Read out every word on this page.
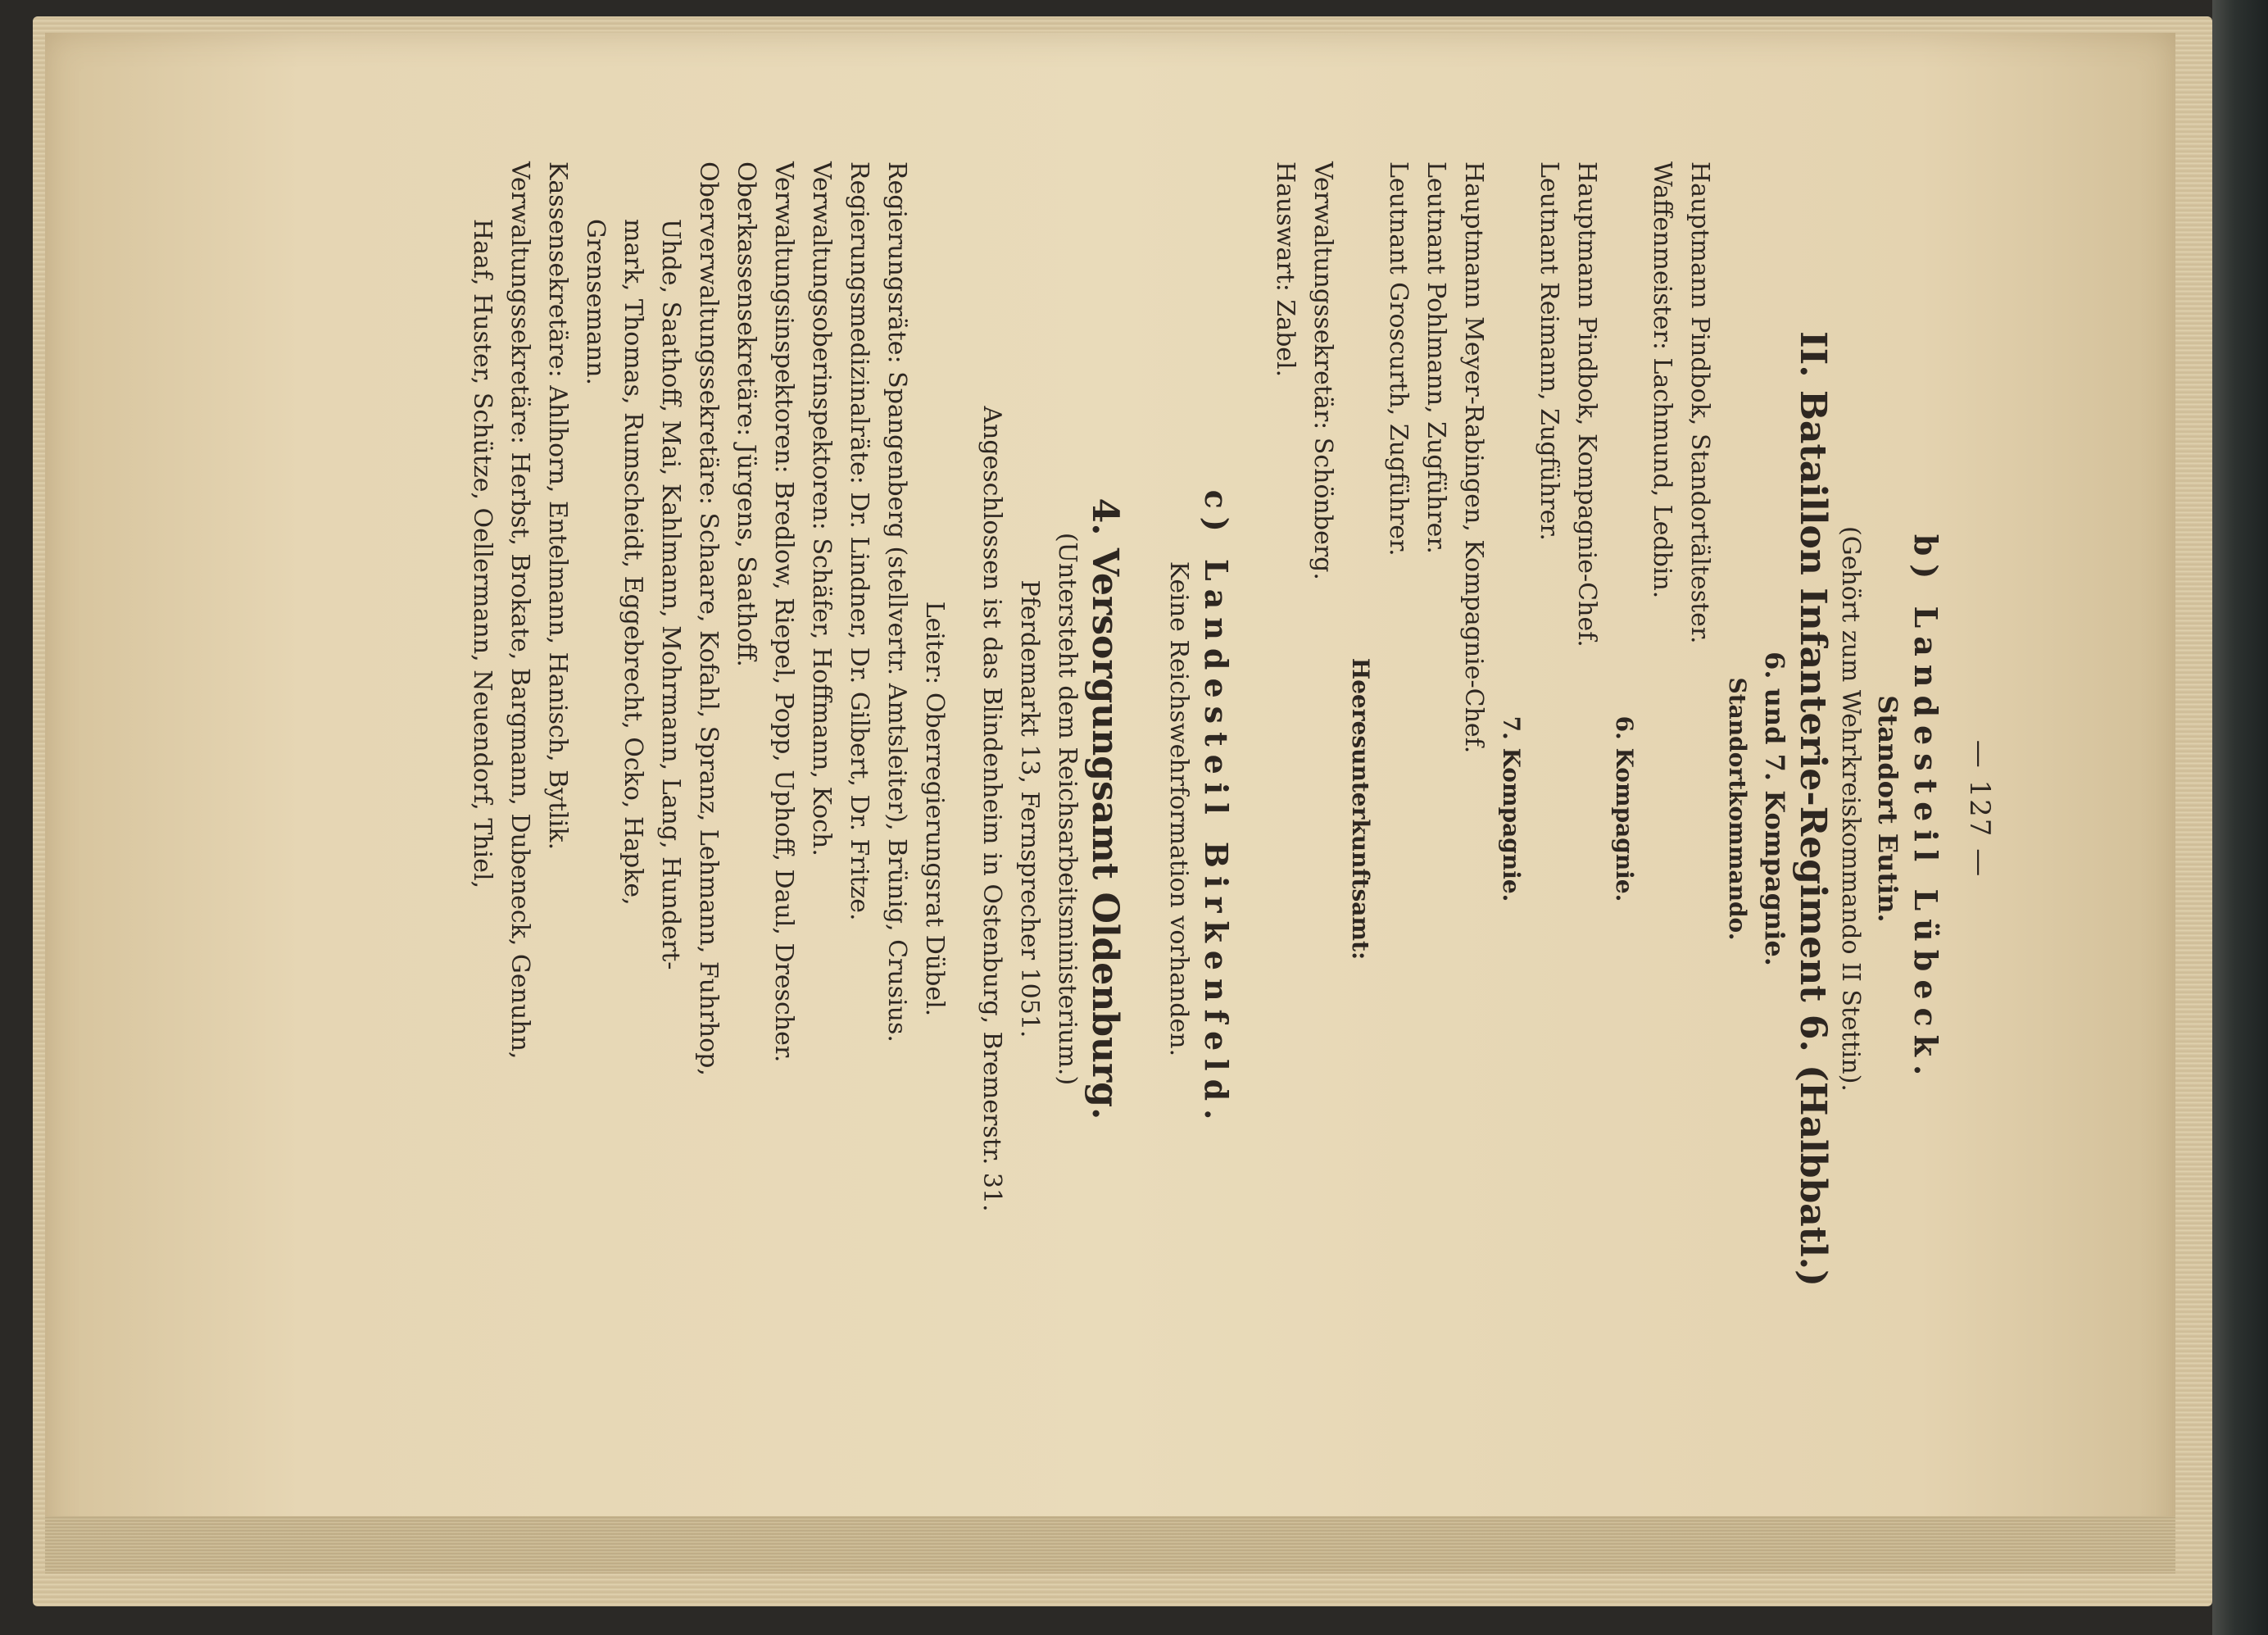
— 127 —
b) Landesteil Lübeck.
Standort Eutin.
(Gehört zum Wehrkreiskommando II Stettin).
II. Bataillon Infanterie-Regiment 6. (Halbbatl.)
6. und 7. Kompagnie.
Standortkommando.
Hauptmann Pindbok, Standortältester.
Waffenmeister: Lachmund, Ledbin.
6. Kompagnie.
Hauptmann Pindbok, Kompagnie-Chef.
Leutnant Reimann, Zugführer.
7. Kompagnie.
Hauptmann Meyer-Rabingen, Kompagnie-Chef.
Leutnant Pohlmann, Zugführer.
Leutnant Groscurth, Zugführer.
Heeresunterkunftsamt:
Verwaltungssekretär: Schönberg.
Hauswart: Zabel.
c) Landesteil Birkenfeld.
Keine Reichswehrformation vorhanden.
4. Versorgungsamt Oldenburg.
(Untersteht dem Reichsarbeitsministerium.)
Pferdemarkt 13, Fernsprecher 1051.
Angeschlossen ist das Blindenheim in Ostenburg, Bremerstr. 31.
Leiter: Oberregierungsrat Dübel.
Regierungsräte: Spangenberg (stellvertr. Amtsleiter), Brünig, Crusius.
Regierungsmedizinalräte: Dr. Lindner, Dr. Gilbert, Dr. Fritze.
Verwaltungsoberinspektoren: Schäfer, Hoffmann, Koch.
Verwaltungsinspektoren: Bredlow, Riepel, Popp, Uphoff, Daul, Drescher.
Oberkassensekretäre: Jürgens, Saathoff.
Oberverwaltungssekretäre: Schaare, Kofahl, Spranz, Lehmann, Fuhrhop,
Uhde, Saathoff, Mai, Kahlmann, Mohrmann, Lang, Hundert-
mark, Thomas, Rumscheidt, Eggebrecht, Ocko, Hapke,
Grensemann.
Kassensekretäre: Ahlhorn, Entelmann, Hanisch, Bytlik.
Verwaltungssekretäre: Herbst, Brokate, Bargmann, Dubeneck, Genuhn,
Haaf, Huster, Schütze, Oellermann, Neuendorf, Thiel,
